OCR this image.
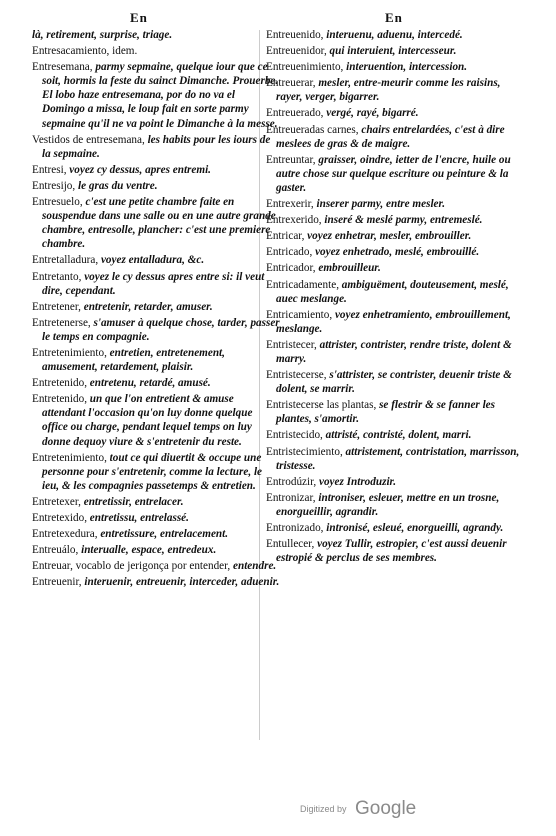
En	En

là, retirement, surprise, triage.

Entresacamiento, idem.

Entresemana, parmy sepmaine, quelque iour que ce soit, hormis la feste du sainct Dimanche. Prouerbe. El lobo haze entresemana, por do no va el Domingo a missa, le loup fait en sorte parmy sepmaine qu'il ne va point le Dimanche à la messe.

Vestidos de entresemana, les habits pour les iours de la sepmaine.

Entresi, voyez cy dessus, apres entremi.

Entresijo, le gras du ventre.

Entresuelo, c'est une petite chambre faite en souspendue dans une salle ou en une autre grande chambre, entresolle, plancher: c'est une premiere chambre.

Entretalladura, voyez entalladura, &c.

Entretanto, voyez le cy dessus apres entre si: il veut dire, cependant.

Entretener, entretenir, retarder, amuser.

Entretenerse, s'amuser à quelque chose, tarder, passer le temps en compagnie.

Entretenimiento, entretien, entretenement, amusement, retardement, plaisir.

Entretenido, entretenu, retardé, amusé.

Entretenido, un que l'on entretient & amuse attendant l'occasion qu'on luy donne quelque office ou charge, pendant lequel temps on luy donne dequoy viure & s'entretenir du reste.

Entretenimiento, tout ce qui diuertit & occupe une personne pour s'entretenir, comme la lecture, le ieu, & les compagnies passetemps & entretien.

Entretexer, entretissir, entrelacer.

Entretexido, entretissu, entrelassé.

Entretexedura, entretissure, entrelacement.

Entreuálo, interualle, espace, entredeux.

Entreuar, vocablo de jerigonça por entender, entendre.

Entreuenir, interuenir, entreuenir, interceder, aduenir.

Entreuenido, interuenu, aduenu, intercedé.

Entreuenidor, qui interuient, intercesseur.

Entreuenimiento, interuention, intercession.

Entreuerar, mesler, entre-meurir comme les raisins, rayer, verger, bigarrer.

Entreuerado, vergé, rayé, bigarré.

Entreueradas carnes, chairs entrelardées, c'est à dire meslees de gras & de maigre.

Entreuntar, graisser, oindre, ietter de l'encre, huile ou autre chose sur quelque escriture ou peinture & la gaster.

Entrexerir, inserer parmy, entre mesler.

Entrexerido, inseré & meslé parmy, entremeslé.

Entricar, voyez enhetrar, mesler, embrouiller.

Entricado, voyez enhetrado, meslé, embrouillé.

Entricador, embrouilleur.

Entricadamente, ambiguëment, douteusement, meslé, auec meslange.

Entricamiento, voyez enhetramiento, embrouillement, meslange.

Entristecer, attrister, contrister, rendre triste, dolent & marry.

Entristecerse, s'attrister, se contrister, deuenir triste & dolent, se marrir.

Entristecerse las plantas, se flestrir & se fanner les plantes, s'amortir.

Entristecido, attristé, contristé, dolent, marri.

Entristecimiento, attristement, contristation, marrisson, tristesse.

Entrodúzir, voyez Introduzir.

Entronizar, introniser, esleuer, mettre en un trosne, enorgueillir, agrandir.

Entronizado, intronisé, esleué, enorgueilli, agrandy.

Entullecer, voyez Tullir, estropier, c'est aussi deuenir estropié & perclus de ses membres.

Digitized by Google
